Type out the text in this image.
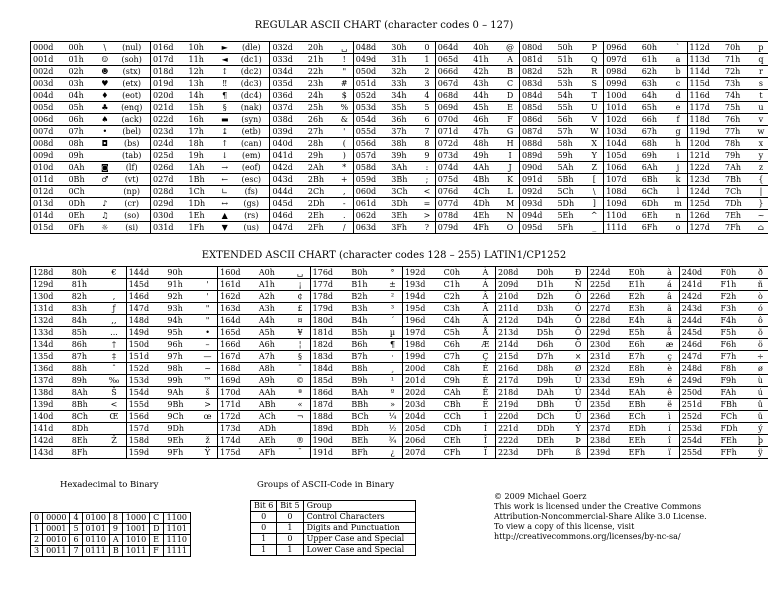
REGULAR ASCII CHART (character codes 0 – 127)
000d	00h	\	(nul)	016d	10h	►	(dle)	032d	20h	␣	048d	30h	0	064d	40h	@	080d	50h	P	096d	60h	`	112d	70h	p
001d	01h	☺	(soh)	017d	11h	◄	(dc1)	033d	21h	!	049d	31h	1	065d	41h	A	081d	51h	Q	097d	61h	a	113d	71h	q
002d	02h	☻	(stx)	018d	12h	↕	(dc2)	034d	22h	"	050d	32h	2	066d	42h	B	082d	52h	R	098d	62h	b	114d	72h	r
003d	03h	♥	(etx)	019d	13h	‼	(dc3)	035d	23h	#	051d	33h	3	067d	43h	C	083d	53h	S	099d	63h	c	115d	73h	s
004d	04h	♦	(eot)	020d	14h	¶	(dc4)	036d	24h	$	052d	34h	4	068d	44h	D	084d	54h	T	100d	64h	d	116d	74h	t
005d	05h	♣	(enq)	021d	15h	§	(nak)	037d	25h	%	053d	35h	5	069d	45h	E	085d	55h	U	101d	65h	e	117d	75h	u
006d	06h	♠	(ack)	022d	16h	▬	(syn)	038d	26h	&	054d	36h	6	070d	46h	F	086d	56h	V	102d	66h	f	118d	76h	v
007d	07h	•	(bel)	023d	17h	↨	(etb)	039d	27h	'	055d	37h	7	071d	47h	G	087d	57h	W	103d	67h	g	119d	77h	w
008d	08h	◘	(bs)	024d	18h	↑	(can)	040d	28h	(	056d	38h	8	072d	48h	H	088d	58h	X	104d	68h	h	120d	78h	x
009d	09h		(tab)	025d	19h	↓	(em)	041d	29h	)	057d	39h	9	073d	49h	I	089d	59h	Y	105d	69h	i	121d	79h	y
010d	0Ah	◙	(lf)	026d	1Ah	→	(eof)	042d	2Ah	*	058d	3Ah	:	074d	4Ah	J	090d	5Ah	Z	106d	6Ah	j	122d	7Ah	z
011d	0Bh	♂	(vt)	027d	1Bh	←	(esc)	043d	2Bh	+	059d	3Bh	;	075d	4Bh	K	091d	5Bh	[	107d	6Bh	k	123d	7Bh	{
012d	0Ch		(np)	028d	1Ch	∟	(fs)	044d	2Ch	,	060d	3Ch	<	076d	4Ch	L	092d	5Ch	\	108d	6Ch	l	124d	7Ch	|
013d	0Dh	♪	(cr)	029d	1Dh	↔	(gs)	045d	2Dh	-	061d	3Dh	=	077d	4Dh	M	093d	5Dh	]	109d	6Dh	m	125d	7Dh	}
014d	0Eh	♫	(so)	030d	1Eh	▲	(rs)	046d	2Eh	.	062d	3Eh	>	078d	4Eh	N	094d	5Eh	^	110d	6Eh	n	126d	7Eh	~
015d	0Fh	☼	(si)	031d	1Fh	▼	(us)	047d	2Fh	/	063d	3Fh	?	079d	4Fh	O	095d	5Fh	_	111d	6Fh	o	127d	7Fh	⌂
EXTENDED ASCII CHART (character codes 128 – 255) LATIN1/CP1252
128d	80h	€	144d	90h		160d	A0h	␣	176d	B0h	°	192d	C0h	À	208d	D0h	Ð	224d	E0h	à	240d	F0h	ð
129d	81h		145d	91h	'	161d	A1h	¡	177d	B1h	±	193d	C1h	Á	209d	D1h	Ñ	225d	E1h	á	241d	F1h	ñ
130d	82h	,	146d	92h	'	162d	A2h	¢	178d	B2h	²	194d	C2h	Â	210d	D2h	Ò	226d	E2h	â	242d	F2h	ò
131d	83h	ƒ	147d	93h	"	163d	A3h	£	179d	B3h	³	195d	C3h	Ã	211d	D3h	Ó	227d	E3h	ã	243d	F3h	ó
132d	84h	,,	148d	94h	"	164d	A4h	¤	180d	B4h	´	196d	C4h	Ä	212d	D4h	Ô	228d	E4h	ä	244d	F4h	ô
133d	85h	...	149d	95h	•	165d	A5h	¥	181d	B5h	µ	197d	C5h	Å	213d	D5h	Õ	229d	E5h	å	245d	F5h	õ
134d	86h	†	150d	96h	–	166d	A6h	¦	182d	B6h	¶	198d	C6h	Æ	214d	D6h	Ö	230d	E6h	æ	246d	F6h	ö
135d	87h	‡	151d	97h	—	167d	A7h	§	183d	B7h	·	199d	C7h	Ç	215d	D7h	×	231d	E7h	ç	247d	F7h	÷
136d	88h	ˆ	152d	98h	~	168d	A8h	¨	184d	B8h	¸	200d	C8h	È	216d	D8h	Ø	232d	E8h	è	248d	F8h	ø
137d	89h	‰	153d	99h	™	169d	A9h	©	185d	B9h	¹	201d	C9h	É	217d	D9h	Ù	233d	E9h	é	249d	F9h	ù
138d	8Ah	Š	154d	9Ah	š	170d	AAh	ª	186d	BAh	º	202d	CAh	Ê	218d	DAh	Ú	234d	EAh	ê	250d	FAh	ú
139d	8Bh	<	155d	9Bh	>	171d	ABh	«	187d	BBh	»	203d	CBh	Ë	219d	DBh	Û	235d	EBh	ë	251d	FBh	û
140d	8Ch	Œ	156d	9Ch	œ	172d	ACh	¬	188d	BCh	¼	204d	CCh	Ì	220d	DCh	Ü	236d	ECh	ì	252d	FCh	ü
141d	8Dh		157d	9Dh		173d	ADh		189d	BDh	½	205d	CDh	Í	221d	DDh	Ý	237d	EDh	í	253d	FDh	ý
142d	8Eh	Ž	158d	9Eh	ž	174d	AEh	®	190d	BEh	¾	206d	CEh	Î	222d	DEh	Þ	238d	EEh	î	254d	FEh	þ
143d	8Fh		159d	9Fh	Ÿ	175d	AFh	¯	191d	BFh	¿	207d	CFh	Ï	223d	DFh	ß	239d	EFh	ï	255d	FFh	ÿ
Hexadecimal to Binary
0	0000	4	0100	8	1000	C	1100
1	0001	5	0101	9	1001	D	1101
2	0010	6	0110	A	1010	E	1110
3	0011	7	0111	B	1011	F	1111
Groups of ASCII-Code in Binary
Bit 6	Bit 5	Group
0	0	Control Characters
0	1	Digits and Punctuation
1	0	Upper Case and Special
1	1	Lower Case and Special
© 2009 Michael Goerz
This work is licensed under the Creative Commons
Attribution-Noncommercial-Share Alike 3.0 License.
To view a copy of this license, visit
http://creativecommons.org/licenses/by-nc-sa/
